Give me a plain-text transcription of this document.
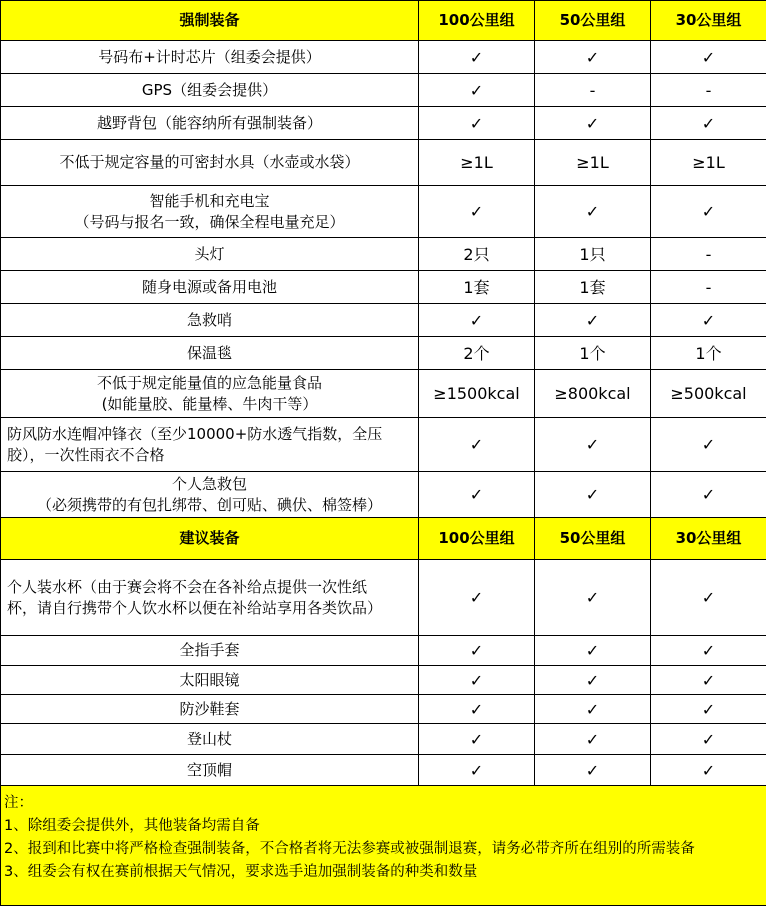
强制装备	100公里组	50公里组	30公里组
号码布+计时芯片（组委会提供）	✓	✓	✓
GPS（组委会提供）	✓	-	-
越野背包（能容纳所有强制装备）	✓	✓	✓
不低于规定容量的可密封水具（水壶或水袋）	≥1L	≥1L	≥1L
智能手机和充电宝
（号码与报名一致，确保全程电量充足）	✓	✓	✓
头灯	2只	1只	-
随身电源或备用电池	1套	1套	-
急救哨	✓	✓	✓
保温毯	2个	1个	1个
不低于规定能量值的应急能量食品
(如能量胶、能量棒、牛肉干等）	≥1500kcal	≥800kcal	≥500kcal
防风防水连帽冲锋衣（至少10000+防水透气指数，全压
胶），一次性雨衣不合格	✓	✓	✓
个人急救包
（必须携带的有包扎绑带、创可贴、碘伏、棉签棒）	✓	✓	✓
建议装备	100公里组	50公里组	30公里组
个人装水杯（由于赛会将不会在各补给点提供一次性纸
杯，请自行携带个人饮水杯以便在补给站享用各类饮品）	✓	✓	✓
全指手套	✓	✓	✓
太阳眼镜	✓	✓	✓
防沙鞋套	✓	✓	✓
登山杖	✓	✓	✓
空顶帽	✓	✓	✓

注：
1、除组委会提供外，其他装备均需自备
2、报到和比赛中将严格检查强制装备，不合格者将无法参赛或被强制退赛，请务必带齐所在组别的所需装备
3、组委会有权在赛前根据天气情况，要求选手追加强制装备的种类和数量			
